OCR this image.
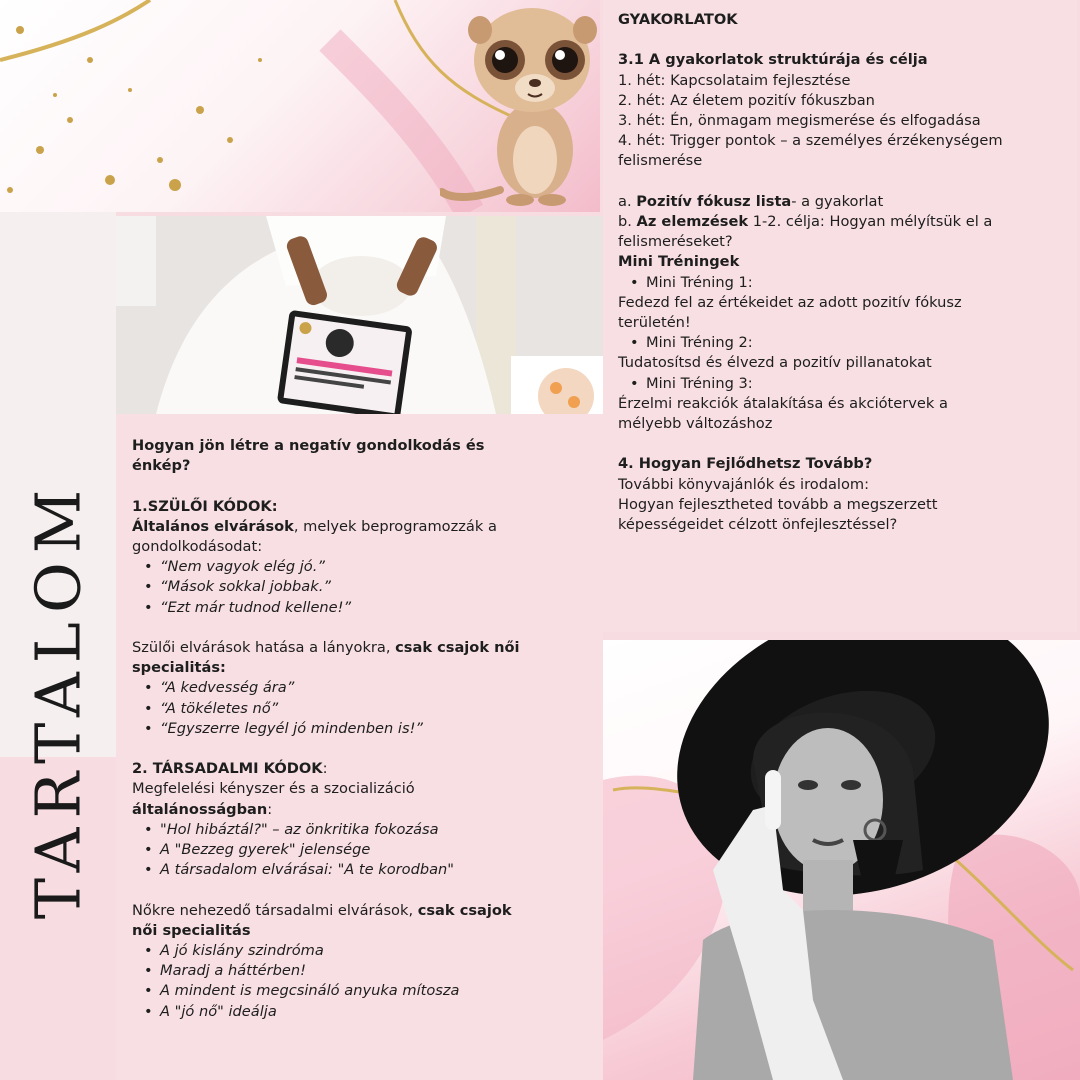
GYAKORLATOK
3.1 A gyakorlatok struktúrája és célja
1. hét: Kapcsolataim fejlesztése
2. hét: Az életem pozitív fókuszban
3. hét: Én, önmagam megismerése és elfogadása
4. hét: Trigger pontok – a személyes érzékenységem
felismerése
a. Pozitív fókusz lista- a gyakorlat
b. Az elemzések 1-2. célja: Hogyan mélyítsük el a
felismeréseket?
Mini Tréningek
• Mini Tréning 1:
Fedezd fel az értékeidet az adott pozitív fókusz
területén!
• Mini Tréning 2:
Tudatosítsd és élvezd a pozitív pillanatokat
• Mini Tréning 3:
Érzelmi reakciók átalakítása és akciótervek a
mélyebb változáshoz
4. Hogyan Fejlődhetsz Tovább?
További könyvajánlók és irodalom:
Hogyan fejlesztheted tovább a megszerzett
képességeidet célzott önfejlesztéssel?
TARTALOM
Hogyan jön létre a negatív gondolkodás és
énkép?
1.SZÜLŐI KÓDOK:
Általános elvárások, melyek beprogramozzák a
gondolkodásodat:
• “Nem vagyok elég jó.”
• “Mások sokkal jobbak.”
• “Ezt már tudnod kellene!”
Szülői elvárások hatása a lányokra, csak csajok női
specialitás:
• “A kedvesség ára”
• “A tökéletes nő”
• “Egyszerre legyél jó mindenben is!”
2. TÁRSADALMI KÓDOK:
Megfelelési kényszer és a szocializáció
általánosságban:
• "Hol hibáztál?" – az önkritika fokozása
• A "Bezzeg gyerek" jelensége
• A társadalom elvárásai: "A te korodban"
Nőkre nehezedő társadalmi elvárások, csak csajok
női specialitás
• A jó kislány szindróma
• Maradj a háttérben!
• A mindent is megcsináló anyuka mítosza
• A "jó nő" ideálja
